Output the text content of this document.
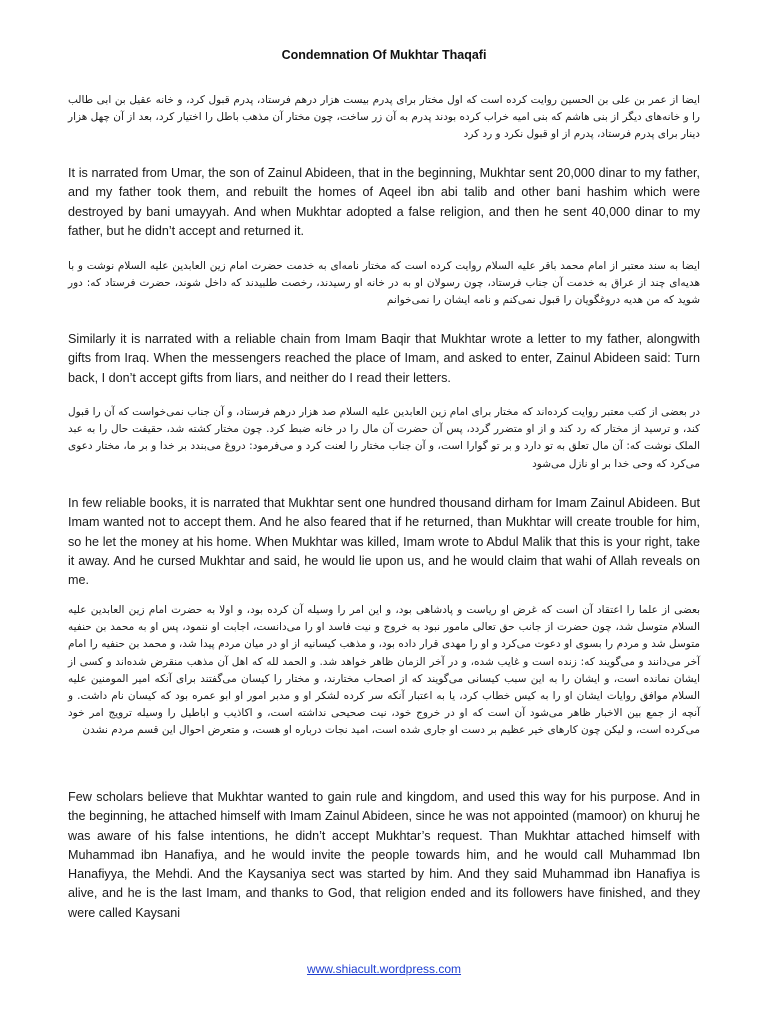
Condemnation Of Mukhtar Thaqafi

ایضا از عمر بن علی بن الحسین روایت کرده است که اول مختار برای پدرم بیست هزار درهم فرستاد، پدرم قبول کرد، و خانه عقیل بن ابی طالب را و خانه‌های دیگر از بنی هاشم که بنی امیه خراب کرده بودند پدرم به آن زر ساخت، چون مختار آن مذهب باطل را اختیار کرد، بعد از آن چهل هزار دینار برای پدرم فرستاد، پدرم از او قبول نکرد و رد کرد

It is narrated from Umar, the son of Zainul Abideen, that in the beginning, Mukhtar sent 20,000 dinar to my father, and my father took them, and rebuilt the homes of Aqeel ibn abi talib and other bani hashim which were destroyed by bani umayyah. And when Mukhtar adopted a false religion, and then he sent 40,000 dinar to my father, but he didn’t accept and returned it.

ایضا به سند معتبر از امام محمد باقر علیه السلام روایت کرده است که مختار نامه‌ای به خدمت حضرت امام زین العابدین علیه السلام نوشت و با هدیه‌ای چند از عراق به خدمت آن جناب فرستاد، چون رسولان او به در خانه او رسیدند، رخصت طلبیدند که داخل شوند، حضرت فرستاد که: دور شوید که من هدیه دروغگویان را قبول نمی‌کنم و نامه ایشان را نمی‌خوانم

Similarly it is narrated with a reliable chain from Imam Baqir that Mukhtar wrote a letter to my father, alongwith gifts from Iraq. When the messengers reached the place of Imam, and asked to enter, Zainul Abideen said: Turn back, I don’t accept gifts from liars, and neither do I read their letters.

در بعضی از کتب معتبر روایت کرده‌اند که مختار برای امام زین العابدین علیه السلام صد هزار درهم فرستاد، و آن جناب نمی‌خواست که آن را قبول کند، و ترسید از مختار که رد کند و از او متضرر گردد، پس آن حضرت آن مال را در خانه ضبط کرد. چون مختار کشته شد، حقیقت حال را به عبد الملک نوشت که: آن مال تعلق به تو دارد و بر تو گوارا است، و آن جناب مختار را لعنت کرد و می‌فرمود: دروغ می‌بندد بر خدا و بر ما، مختار دعوی می‌کرد که وحی خدا بر او نازل می‌شود

In few reliable books, it is narrated that Mukhtar sent one hundred thousand dirham for Imam Zainul Abideen. But Imam wanted not to accept them. And he also feared that if he returned, than Mukhtar will create trouble for him, so he let the money at his home. When Mukhtar was killed, Imam wrote to Abdul Malik that this is your right, take it away. And he cursed Mukhtar and said, he would lie upon us, and he would claim that wahi of Allah reveals on me.

بعضی از علما را اعتقاد آن است که غرض او ریاست و پادشاهی بود، و این امر را وسیله آن کرده بود، و اولا به حضرت امام زین العابدین علیه السلام متوسل شد، چون حضرت از جانب حق تعالی مامور نبود به خروج و نیت فاسد او را می‌دانست، اجابت او ننمود، پس او به محمد بن حنفیه متوسل شد و مردم را بسوی او دعوت می‌کرد و او را مهدی قرار داده بود، و مذهب کیسانیه از او در میان مردم پیدا شد، و محمد بن حنفیه را امام آخر می‌دانند و می‌گویند که: زنده است و غایب شده، و در آخر الزمان ظاهر خواهد شد. و الحمد لله که اهل آن مذهب منقرض شده‌اند و کسی از ایشان نمانده است، و ایشان را به این سبب کیسانی می‌گویند که از اصحاب مختارند، و مختار را کیسان می‌گفتند برای آنکه امیر المومنین علیه السلام موافق روایات ایشان او را به کیس خطاب کرد، یا به اعتبار آنکه سر کرده لشکر او و مدبر امور او ابو عمره بود که کیسان نام داشت. و آنچه از جمع بین الاخبار ظاهر می‌شود آن است که او در خروج خود، نیت صحیحی نداشته است، و اکاذیب و اباطیل را وسیله ترویج امر خود می‌کرده است، و لیکن چون کارهای خیر عظیم بر دست او جاری شده است، امید نجات درباره او هست، و متعرض احوال این قسم مردم نشدن

Few scholars believe that Mukhtar wanted to gain rule and kingdom, and used this way for his purpose. And in the beginning, he attached himself with Imam Zainul Abideen, since he was not appointed (mamoor) on khuruj he was aware of his false intentions, he didn’t accept Mukhtar’s request. Than Mukhtar attached himself with Muhammad ibn Hanafiya, and he would invite the people towards him, and he would call Muhammad Ibn Hanafiyya, the Mehdi. And the Kaysaniya sect was started by him. And they said Muhammad ibn Hanafiya is alive, and he is the last Imam, and thanks to God, that religion ended and its followers have finished, and they were called Kaysani

www.shiacult.wordpress.com
